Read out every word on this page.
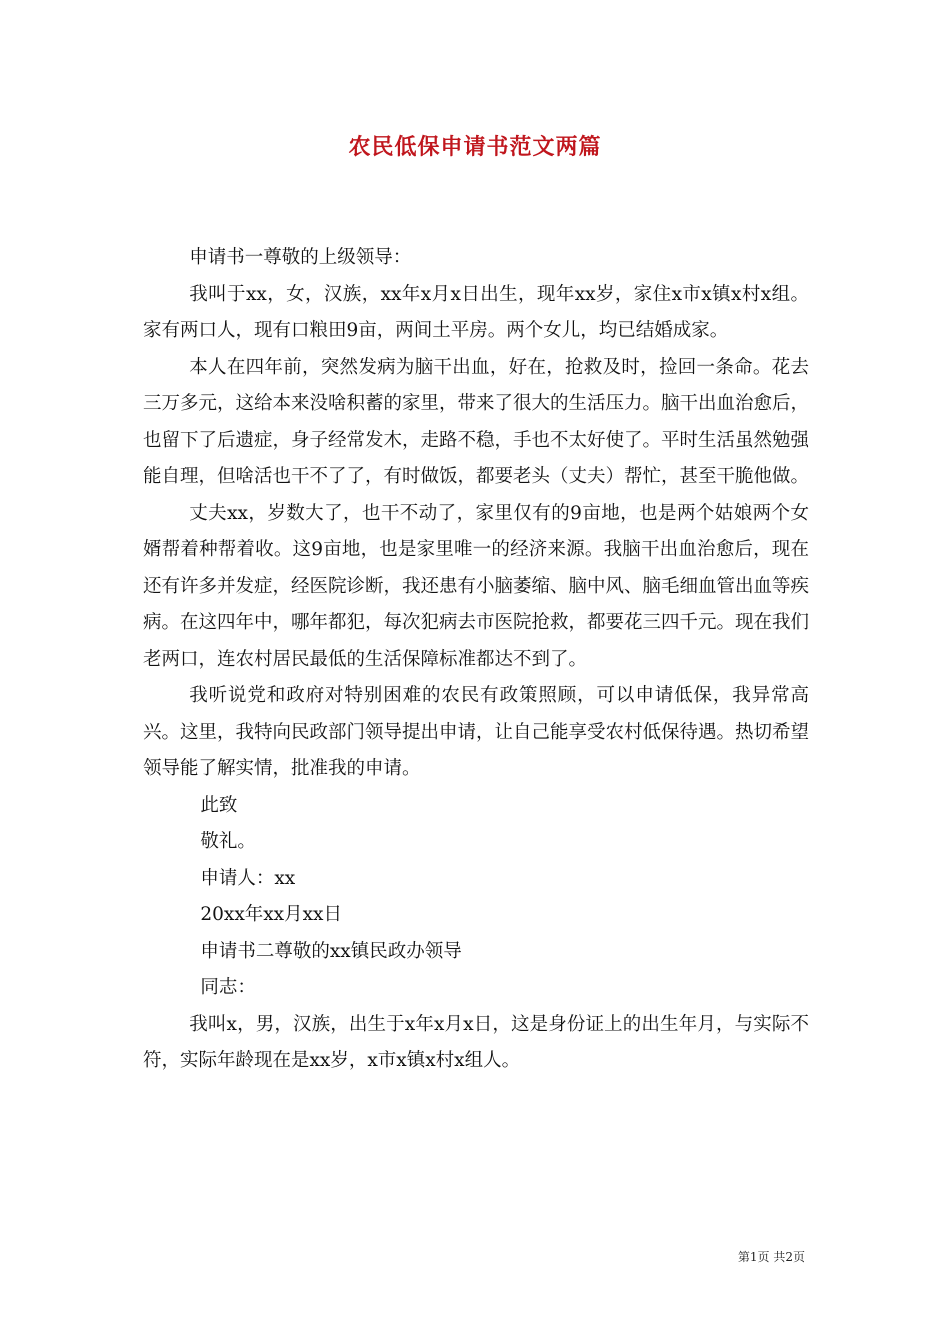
农民低保申请书范文两篇

申请书一尊敬的上级领导：

我叫于xx，女，汉族，xx年x月x日出生，现年xx岁，家住x市x镇x村x组。家有两口人，现有口粮田9亩，两间土平房。两个女儿，均已结婚成家。

本人在四年前，突然发病为脑干出血，好在，抢救及时，捡回一条命。花去三万多元，这给本来没啥积蓄的家里，带来了很大的生活压力。脑干出血治愈后，也留下了后遗症，身子经常发木，走路不稳，手也不太好使了。平时生活虽然勉强能自理，但啥活也干不了了，有时做饭，都要老头（丈夫）帮忙，甚至干脆他做。

丈夫xx，岁数大了，也干不动了，家里仅有的9亩地，也是两个姑娘两个女婿帮着种帮着收。这9亩地，也是家里唯一的经济来源。我脑干出血治愈后，现在还有许多并发症，经医院诊断，我还患有小脑萎缩、脑中风、脑毛细血管出血等疾病。在这四年中，哪年都犯，每次犯病去市医院抢救，都要花三四千元。现在我们老两口，连农村居民最低的生活保障标准都达不到了。

我听说党和政府对特别困难的农民有政策照顾，可以申请低保，我异常高兴。这里，我特向民政部门领导提出申请，让自己能享受农村低保待遇。热切希望领导能了解实情，批准我的申请。

此致

敬礼。

申请人：xx

20xx年xx月xx日

申请书二尊敬的xx镇民政办领导

同志：

我叫x，男，汉族，出生于x年x月x日，这是身份证上的出生年月，与实际不符，实际年龄现在是xx岁，x市x镇x村x组人。

第1页 共2页
